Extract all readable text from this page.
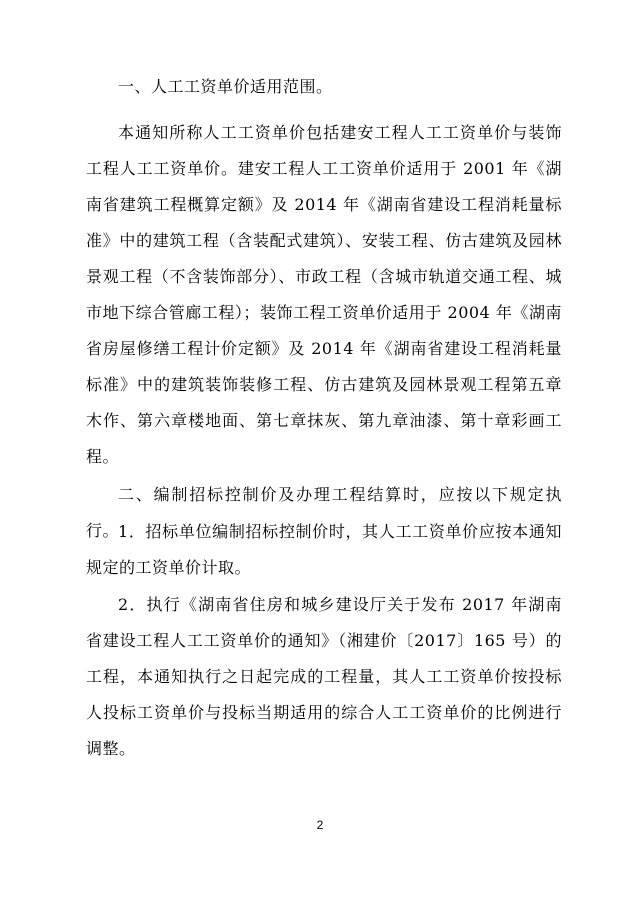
一、人工工资单价适用范围。

本通知所称人工工资单价包括建安工程人工工资单价与装饰工程人工工资单价。建安工程人工工资单价适用于 2001 年《湖南省建筑工程概算定额》及 2014 年《湖南省建设工程消耗量标准》中的建筑工程（含装配式建筑）、安装工程、仿古建筑及园林景观工程（不含装饰部分）、市政工程（含城市轨道交通工程、城市地下综合管廊工程）；装饰工程工资单价适用于 2004 年《湖南省房屋修缮工程计价定额》及 2014 年《湖南省建设工程消耗量标准》中的建筑装饰装修工程、仿古建筑及园林景观工程第五章木作、第六章楼地面、第七章抹灰、第九章油漆、第十章彩画工程。

二、编制招标控制价及办理工程结算时，应按以下规定执行。

1．招标单位编制招标控制价时，其人工工资单价应按本通知规定的工资单价计取。

2．执行《湖南省住房和城乡建设厅关于发布 2017 年湖南省建设工程人工工资单价的通知》（湘建价〔2017〕165 号）的工程，本通知执行之日起完成的工程量，其人工工资单价按投标人投标工资单价与投标当期适用的综合人工工资单价的比例进行调整。

2
